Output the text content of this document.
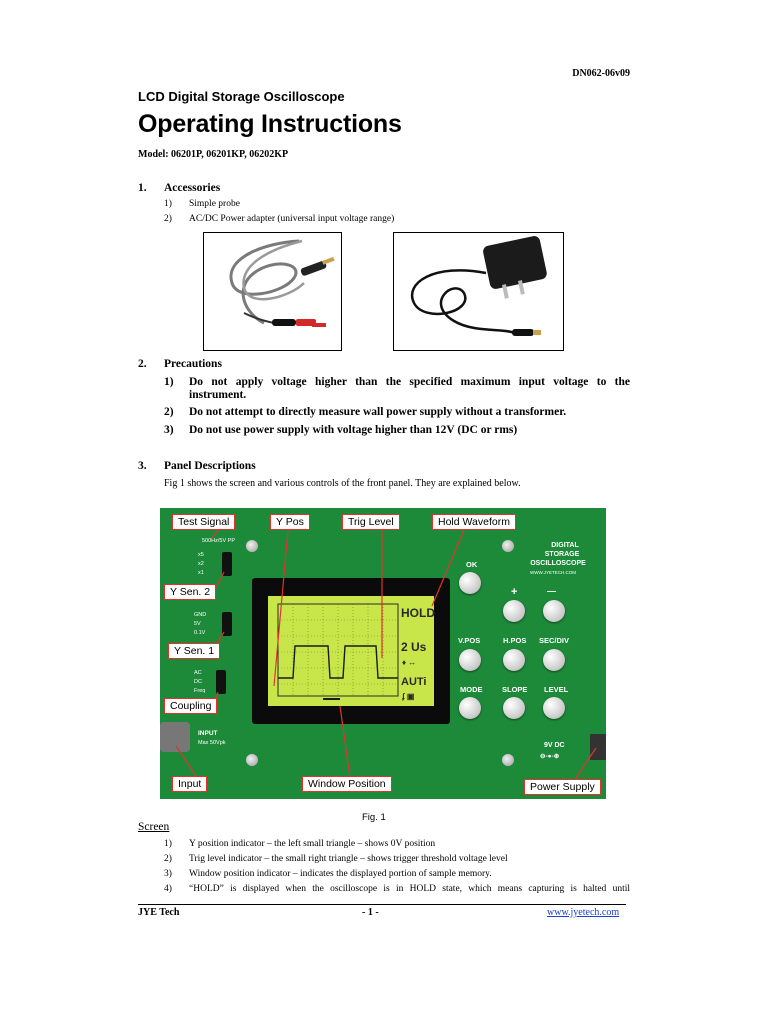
DN062-06v09
LCD Digital Storage Oscilloscope
Operating Instructions
Model: 06201P, 06201KP, 06202KP
1. Accessories
1) Simple probe
2) AC/DC Power adapter (universal input voltage range)
2. Precautions
1) Do not apply voltage higher than the specified maximum input voltage to the
instrument.
2) Do not attempt to directly measure wall power supply without a transformer.
3) Do not use power supply with voltage higher than 12V (DC or rms)
3. Panel Descriptions
Fig 1 shows the screen and various controls of the front panel. They are explained below.
HOLD
2 Us
AUTi
♦ ↔
ʄ ▣
500Hz/5V PP
x5
x2
x1
GND
5V
0.1V
AC
DC
Freq
INPUT
Max 50Vpk
DIGITAL
STORAGE
OSCILLOSCOPE
WWW.JYETECH.COM
OK
+	—
V.POS	H.POS SEC/DIV
MODE	SLOPE LEVEL
9V DC
⊖-●-⊕
Test Signal	Y Pos	Trig Level	Hold Waveform
Y Sen. 2
Y Sen. 1
Coupling
Input	Window Position	Power Supply
Fig. 1
Screen
1) Y position indicator – the left small triangle – shows 0V position
2) Trig level indicator – the small right triangle – shows trigger threshold voltage level
3) Window position indicator – indicates the displayed portion of sample memory.
4) “HOLD” is displayed when the oscilloscope is in HOLD state, which means capturing is halted until
JYE Tech	- 1 -	www.jyetech.com
